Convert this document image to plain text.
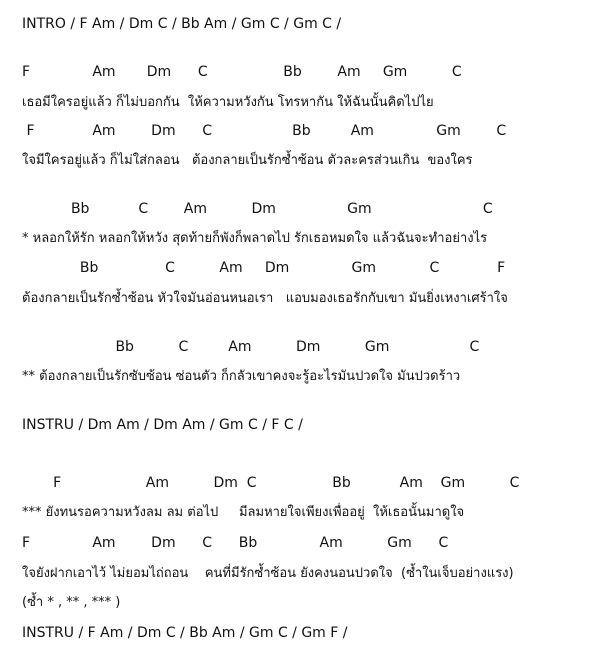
INTRO / F Am / Dm C / Bb Am / Gm C / Gm C /
F              Am       Dm      C                 Bb        Am     Gm          C
เธอมีใครอยู่แล้ว ก็ไม่บอกกัน  ให้ความหวังกัน โทรหากัน ให้ฉันนั้นคิดไปไย
F             Am        Dm      C                  Bb         Am              Gm        C
ใจมีใครอยู่แล้ว ก็ไม่ใส่กลอน   ต้องกลายเป็นรักซ้ำซ้อน ตัวละครส่วนเกิน  ของใคร
Bb           C        Am          Dm                Gm                         C
* หลอกให้รัก หลอกให้หวัง สุดท้ายก็พังก็พลาดไป รักเธอหมดใจ แล้วฉันจะทำอย่างไร
Bb               C          Am     Dm              Gm            C             F
ต้องกลายเป็นรักซ้ำซ้อน หัวใจมันอ่อนหนอเรา   แอบมองเธอรักกับเขา มันยิ่งเหงาเศร้าใจ
Bb          C         Am          Dm          Gm                  C
** ต้องกลายเป็นรักซับซ้อน ซ่อนตัว ก็กลัวเขาคงจะรู้อะไรมันปวดใจ มันปวดร้าว
INSTRU / Dm Am / Dm Am / Gm C / F C /
F                   Am          Dm  C                 Bb           Am    Gm          C
*** ยังทนรอความหวังลม ลม ต่อไป     มีลมหายใจเพียงเพื่ออยู่  ให้เธอนั้นมาดูใจ
F              Am        Dm      C      Bb              Am          Gm      C
ใจยังฝากเอาไว้ ไม่ยอมไถ่ถอน    คนที่มีรักซ้ำซ้อน ยังคงนอนปวดใจ  (ซ้ำในเจ็บอย่างแรง)
(ซ้ำ * , ** , *** )
INSTRU / F Am / Dm C / Bb Am / Gm C / Gm F /
